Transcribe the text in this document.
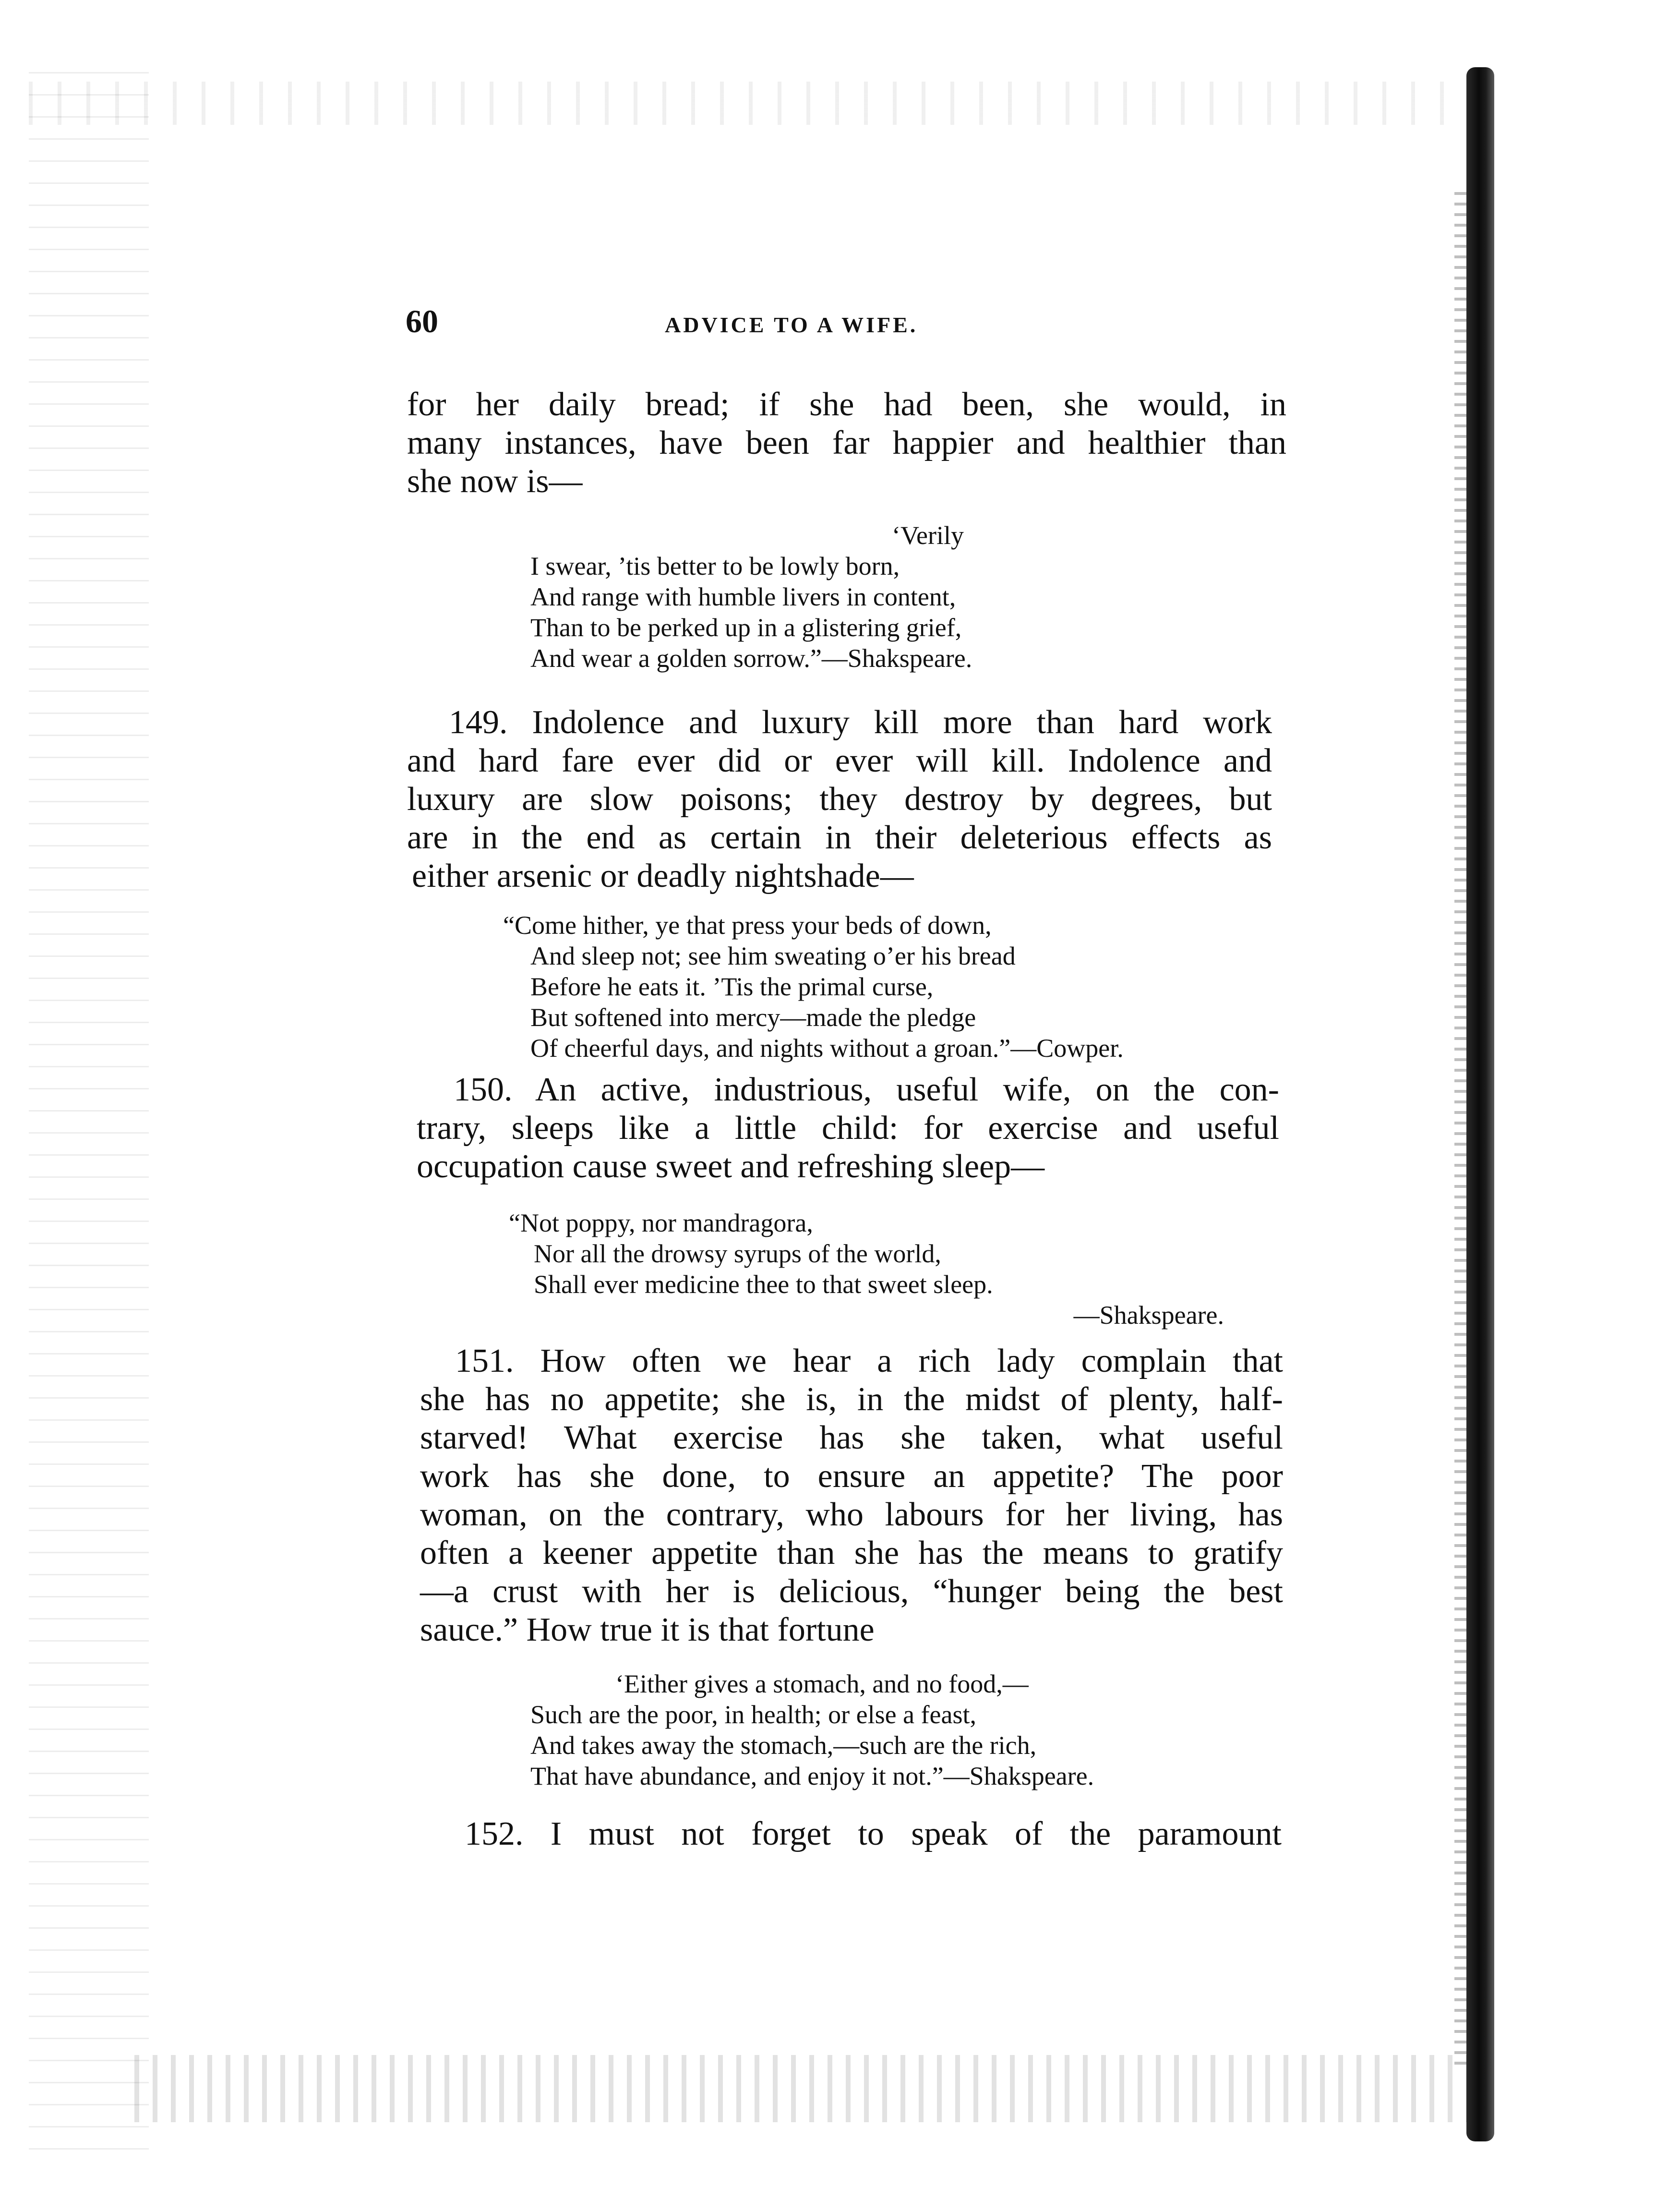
60	ADVICE TO A WIFE.
for her daily bread; if she had been, she would, in
many instances, have been far happier and healthier than
she now is—
‘Verily
I swear, ’tis better to be lowly born,
And range with humble livers in content,
Than to be perked up in a glistering grief,
And wear a golden sorrow.”—Shakspeare.
149. Indolence and luxury kill more than hard work
and hard fare ever did or ever will kill. Indolence and
luxury are slow poisons; they destroy by degrees, but
are in the end as certain in their deleterious effects as
either arsenic or deadly nightshade—
“Come hither, ye that press your beds of down,
And sleep not; see him sweating o’er his bread
Before he eats it. ’Tis the primal curse,
But softened into mercy—made the pledge
Of cheerful days, and nights without a groan.”—Cowper.
150. An active, industrious, useful wife, on the con-
trary, sleeps like a little child: for exercise and useful
occupation cause sweet and refreshing sleep—
“Not poppy, nor mandragora,
Nor all the drowsy syrups of the world,
Shall ever medicine thee to that sweet sleep.
—Shakspeare.
151. How often we hear a rich lady complain that
she has no appetite; she is, in the midst of plenty, half-
starved! What exercise has she taken, what useful
work has she done, to ensure an appetite? The poor
woman, on the contrary, who labours for her living, has
often a keener appetite than she has the means to gratify
—a crust with her is delicious, “hunger being the best
sauce.” How true it is that fortune
‘Either gives a stomach, and no food,—
Such are the poor, in health; or else a feast,
And takes away the stomach,—such are the rich,
That have abundance, and enjoy it not.”—Shakspeare.
152. I must not forget to speak of the paramount
